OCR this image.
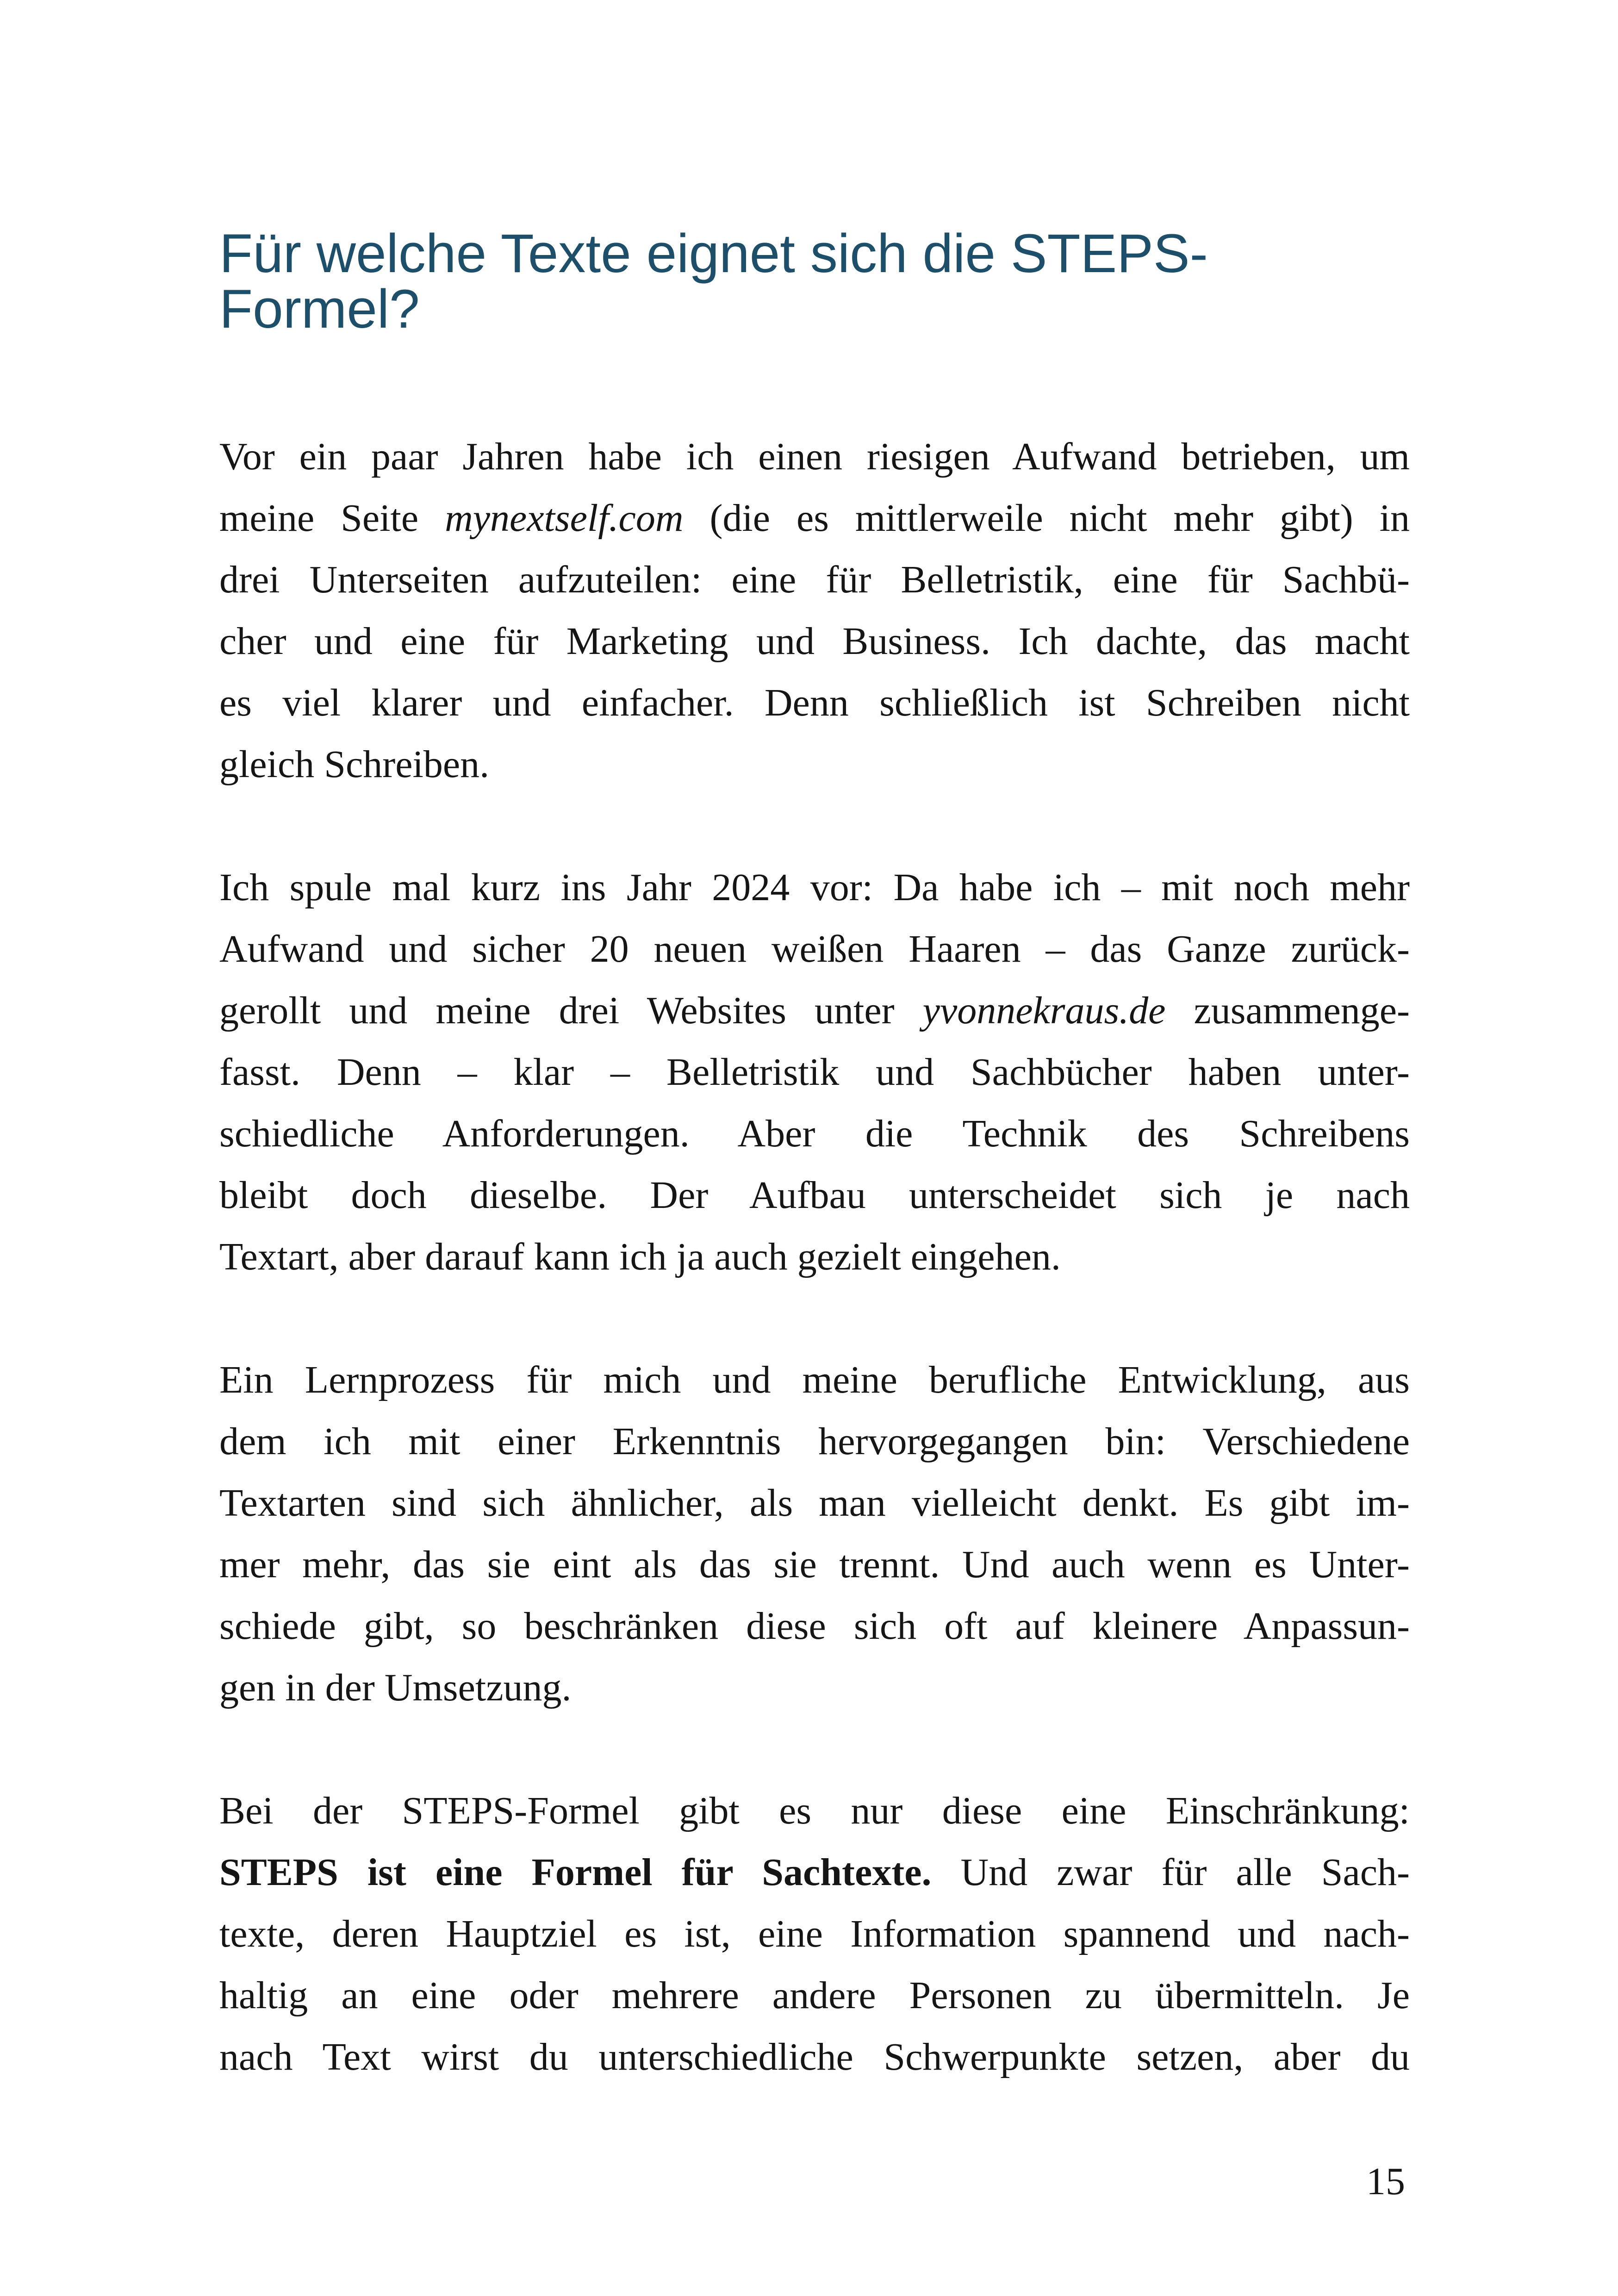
Für welche Texte eignet sich die STEPS-
Formel?

Vor ein paar Jahren habe ich einen riesigen Aufwand betrieben, um
meine Seite mynextself.com (die es mittlerweile nicht mehr gibt) in
drei Unterseiten aufzuteilen: eine für Belletristik, eine für Sachbü-
cher und eine für Marketing und Business. Ich dachte, das macht
es viel klarer und einfacher. Denn schließlich ist Schreiben nicht
gleich Schreiben.

Ich spule mal kurz ins Jahr 2024 vor: Da habe ich – mit noch mehr
Aufwand und sicher 20 neuen weißen Haaren – das Ganze zurück-
gerollt und meine drei Websites unter yvonnekraus.de zusammenge-
fasst. Denn – klar – Belletristik und Sachbücher haben unter-
schiedliche Anforderungen. Aber die Technik des Schreibens
bleibt doch dieselbe. Der Aufbau unterscheidet sich je nach
Textart, aber darauf kann ich ja auch gezielt eingehen.

Ein Lernprozess für mich und meine berufliche Entwicklung, aus
dem ich mit einer Erkenntnis hervorgegangen bin: Verschiedene
Textarten sind sich ähnlicher, als man vielleicht denkt. Es gibt im-
mer mehr, das sie eint als das sie trennt. Und auch wenn es Unter-
schiede gibt, so beschränken diese sich oft auf kleinere Anpassun-
gen in der Umsetzung.

Bei der STEPS-Formel gibt es nur diese eine Einschränkung:
STEPS ist eine Formel für Sachtexte. Und zwar für alle Sach-
texte, deren Hauptziel es ist, eine Information spannend und nach-
haltig an eine oder mehrere andere Personen zu übermitteln. Je
nach Text wirst du unterschiedliche Schwerpunkte setzen, aber du

15
